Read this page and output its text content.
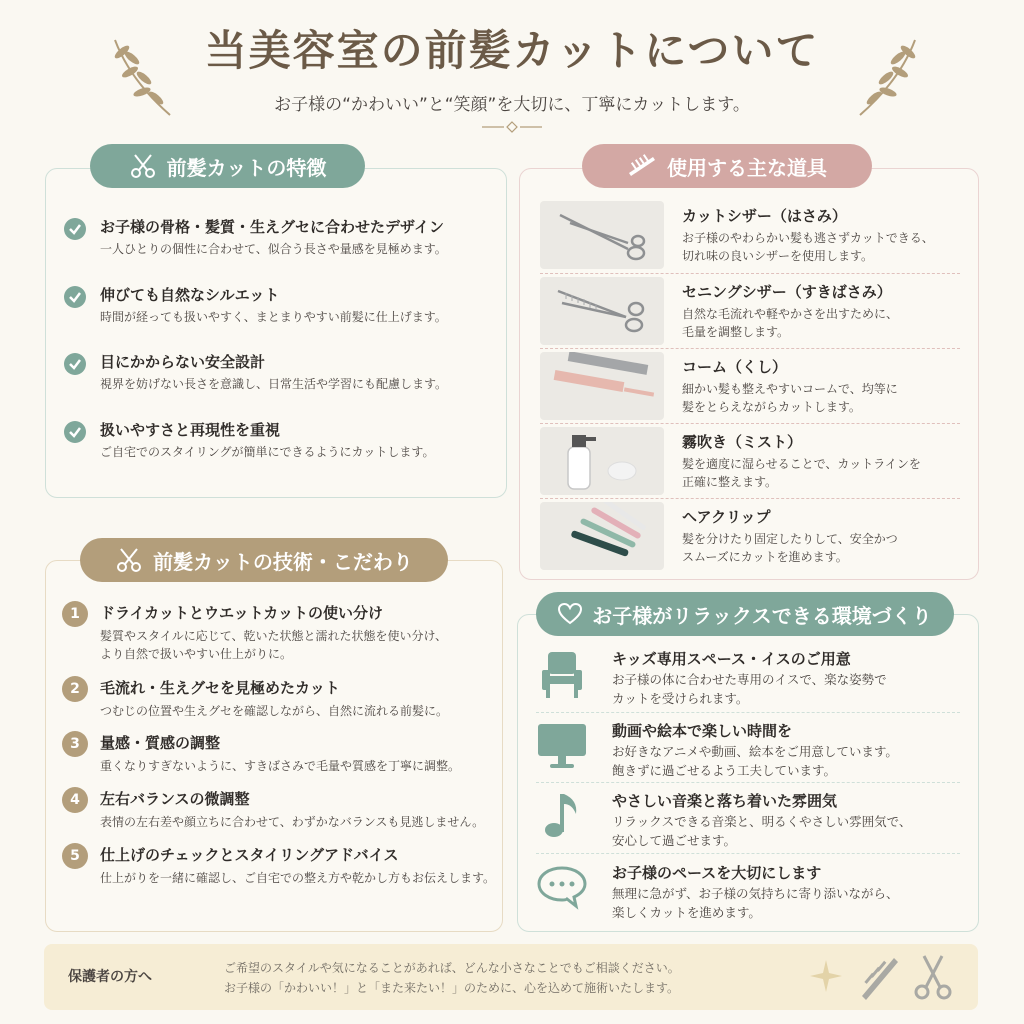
当美容室の前髪カットについて
お子様の“かわいい”と“笑顔”を大切に、丁寧にカットします。
前髪カットの特徴
お子様の骨格・髪質・生えグセに合わせたデザイン
一人ひとりの個性に合わせて、似合う長さや量感を見極めます。
伸びても自然なシルエット
時間が経っても扱いやすく、まとまりやすい前髪に仕上げます。
目にかからない安全設計
視界を妨げない長さを意識し、日常生活や学習にも配慮します。
扱いやすさと再現性を重視
ご自宅でのスタイリングが簡単にできるようにカットします。
使用する主な道具
カットシザー（はさみ）
お子様のやわらかい髪も逃さずカットできる、
切れ味の良いシザーを使用します。
セニングシザー（すきばさみ）
自然な毛流れや軽やかさを出すために、
毛量を調整します。
コーム（くし）
細かい髪も整えやすいコームで、均等に
髪をとらえながらカットします。
霧吹き（ミスト）
髪を適度に湿らせることで、カットラインを
正確に整えます。
ヘアクリップ
髪を分けたり固定したりして、安全かつ
スムーズにカットを進めます。
前髪カットの技術・こだわり
1	ドライカットとウエットカットの使い分け
髪質やスタイルに応じて、乾いた状態と濡れた状態を使い分け、
より自然で扱いやすい仕上がりに。
2	毛流れ・生えグセを見極めたカット
つむじの位置や生えグセを確認しながら、自然に流れる前髪に。
3	量感・質感の調整
重くなりすぎないように、すきばさみで毛量や質感を丁寧に調整。
4	左右バランスの微調整
表情の左右差や顔立ちに合わせて、わずかなバランスも見逃しません。
5	仕上げのチェックとスタイリングアドバイス
仕上がりを一緒に確認し、ご自宅での整え方や乾かし方もお伝えします。
お子様がリラックスできる環境づくり
キッズ専用スペース・イスのご用意
お子様の体に合わせた専用のイスで、楽な姿勢で
カットを受けられます。
動画や絵本で楽しい時間を
お好きなアニメや動画、絵本をご用意しています。
飽きずに過ごせるよう工夫しています。
やさしい音楽と落ち着いた雰囲気
リラックスできる音楽と、明るくやさしい雰囲気で、
安心して過ごせます。
お子様のペースを大切にします
無理に急がず、お子様の気持ちに寄り添いながら、
楽しくカットを進めます。
保護者の方へ
ご希望のスタイルや気になることがあれば、どんな小さなことでもご相談ください。
お子様の「かわいい！」と「また来たい！」のために、心を込めて施術いたします。
